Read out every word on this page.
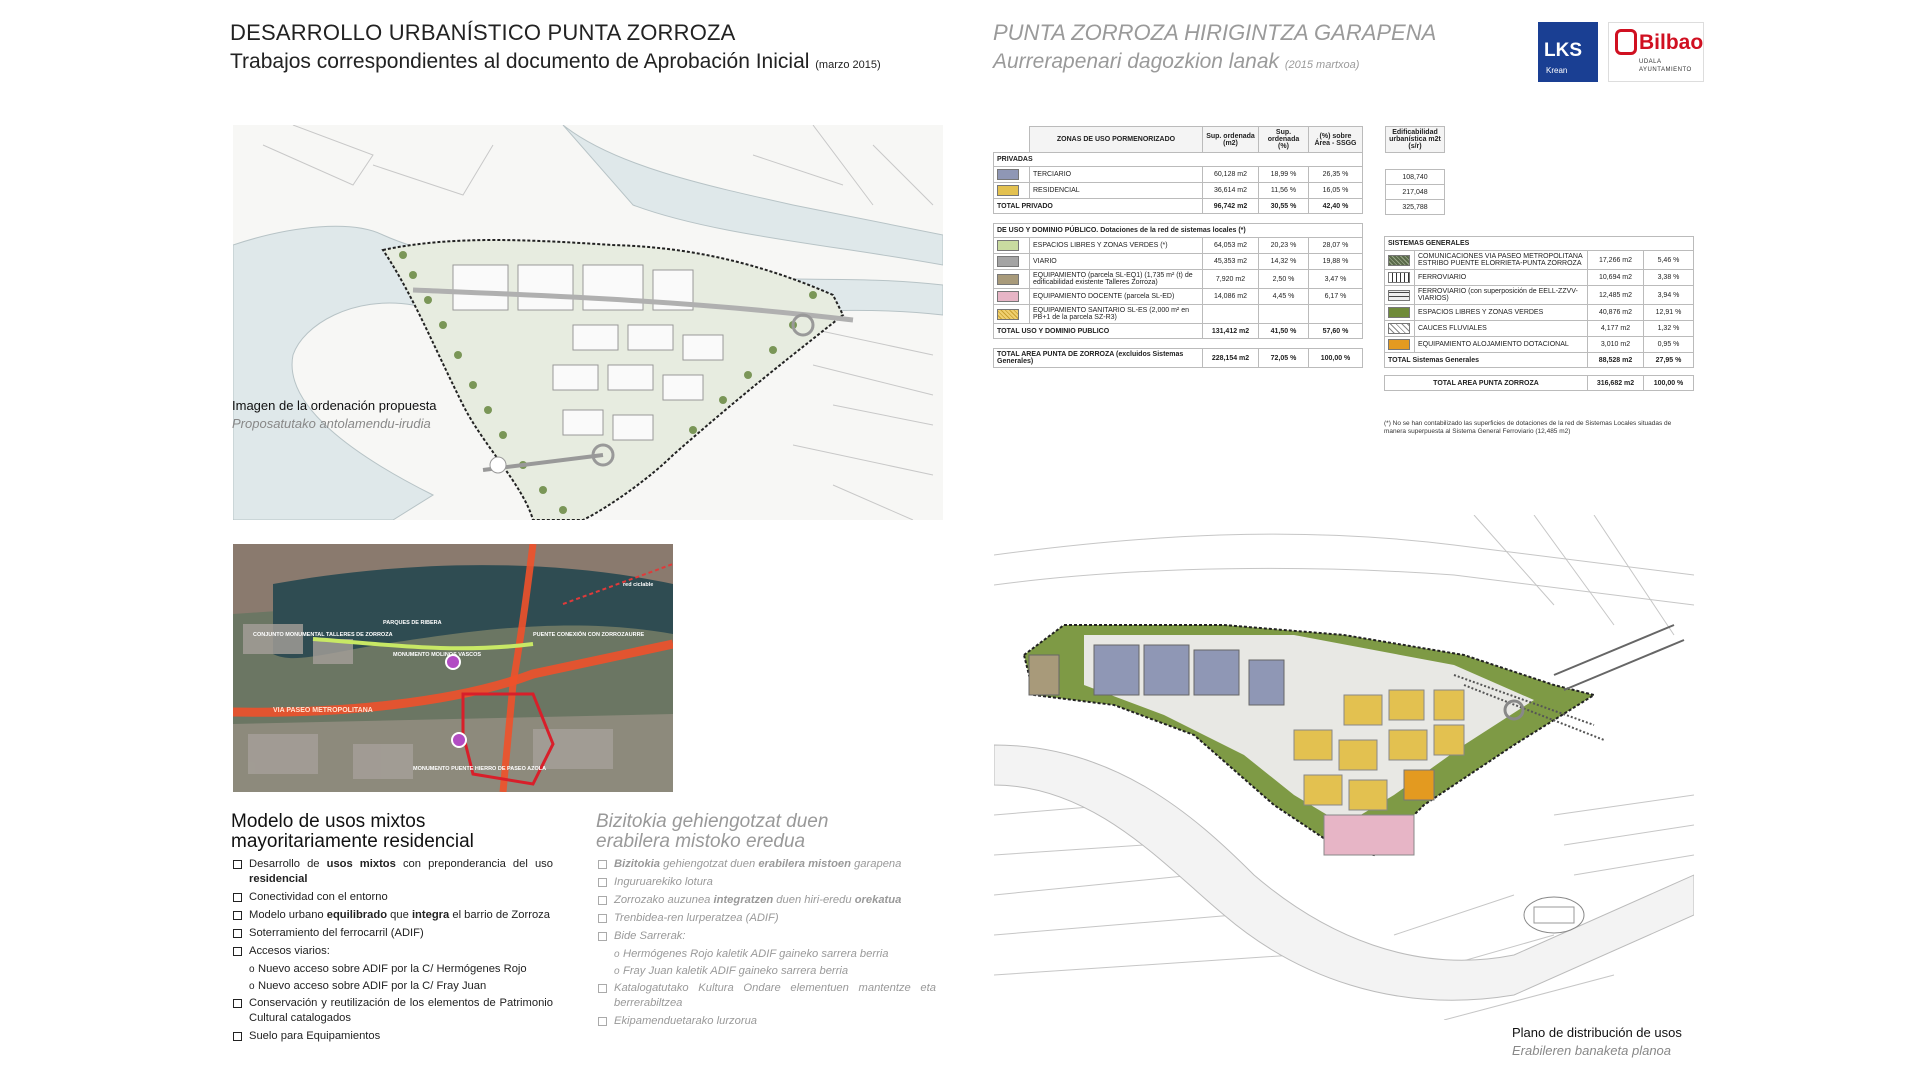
DESARROLLO URBANÍSTICO PUNTA ZORROZA
Trabajos correspondientes al documento de Aprobación Inicial (marzo 2015)
PUNTA ZORROZA HIRIGINTZA GARAPENA
Aurrerapenari dagozkion lanak (2015 martxoa)
LKS
Krean
Bilbao
UDALA
AYUNTAMIENTO
Imagen de la ordenación propuesta
Proposatutako antolamendu-irudia
CONJUNTO MONUMENTAL TALLERES DE ZORROZA
PARQUES DE RIBERA
MONUMENTO MOLINOS VASCOS
PUENTE CONEXIÓN CON ZORROZAURRE
VIA PASEO METROPOLITANA
MONUMENTO PUENTE HIERRO DE PASEO AZOLA
red ciclable
Modelo de usos mixtos
mayoritariamente residencial
Desarrollo de usos mixtos con preponderancia del uso residencial
Conectividad con el entorno
Modelo urbano equilibrado que integra el barrio de Zorroza
Soterramiento del ferrocarril (ADIF)
Accesos viarios:
o Nuevo acceso sobre ADIF por la C/ Hermógenes Rojo
o Nuevo acceso sobre ADIF por la C/ Fray Juan
Conservación y reutilización de los elementos de Patrimonio Cultural catalogados
Suelo para Equipamientos
Bizitokia gehiengotzat duen
erabilera mistoko eredua
Bizitokia gehiengotzat duen erabilera mistoen garapena
Inguruarekiko lotura
Zorrozako auzunea integratzen duen hiri-eredu orekatua
Trenbidea-ren lurperatzea (ADIF)
Bide Sarrerak:
o Hermógenes Rojo kaletik ADIF gaineko sarrera berria
o Fray Juan kaletik ADIF gaineko sarrera berria
Katalogatutako Kultura Ondare elementuen mantentze eta berrerabiltzea
Ekipamenduetarako lurzorua
	ZONAS DE USO PORMENORIZADO	Sup. ordenada (m2)	Sup. ordenada (%)	(%) sobre Área - SSGG
PRIVADAS				
	TERCIARIO	60,128 m2	18,99 %	26,35 %
	RESIDENCIAL	36,614 m2	11,56 %	16,05 %
TOTAL PRIVADO		96,742 m2	30,55 %	42,40 %

DE USO Y DOMINIO PÚBLICO. Dotaciones de la red de sistemas locales (*)				
	ESPACIOS LIBRES Y ZONAS VERDES (*)	64,053 m2	20,23 %	28,07 %
	VIARIO	45,353 m2	14,32 %	19,88 %
	EQUIPAMIENTO (parcela SL-EQ1) (1,735 m² (t) de edificabilidad existente Talleres Zorroza)	7,920 m2	2,50 %	3,47 %
	EQUIPAMIENTO DOCENTE (parcela SL-ED)	14,086 m2	4,45 %	6,17 %
	EQUIPAMIENTO SANITARIO SL-ES (2,000 m² en PB+1 de la parcela SZ-R3)			
TOTAL USO Y DOMINIO PUBLICO		131,412 m2	41,50 %	57,60 %

TOTAL AREA PUNTA DE ZORROZA (excluidos Sistemas Generales)		228,154 m2	72,05 %	100,00 %
Edificabilidad urbanística m2t (s/r)

108,740
217,048
325,788
SISTEMAS GENERALES			
	COMUNICACIONES VIA PASEO METROPOLITANA ESTRIBO PUENTE ELORRIETA-PUNTA ZORROZA	17,266 m2	5,46 %
	FERROVIARIO	10,694 m2	3,38 %
	FERROVIARIO (con superposición de EELL-ZZVV-VIARIOS)	12,485 m2	3,94 %
	ESPACIOS LIBRES Y ZONAS VERDES	40,876 m2	12,91 %
	CAUCES FLUVIALES	4,177 m2	1,32 %
	EQUIPAMIENTO ALOJAMIENTO DOTACIONAL	3,010 m2	0,95 %
TOTAL Sistemas Generales		88,528 m2	27,95 %

TOTAL AREA PUNTA ZORROZA		316,682 m2	100,00 %
(*) No se han contabilizado las superficies de dotaciones de la red de Sistemas Locales situadas de manera superpuesta al Sistema General Ferroviario (12,485 m2)
Plano de distribución de usos
Erabileren banaketa planoa
